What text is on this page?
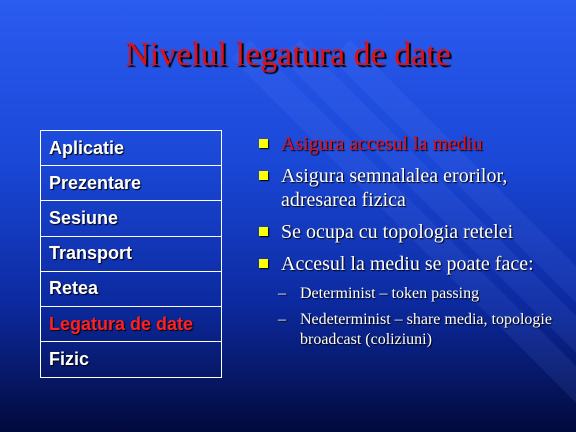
Nivelul legatura de date
Aplicatie
Prezentare
Sesiune
Transport
Retea
Legatura de date
Fizic
Asigura accesul la mediu
Asigura semnalalea erorilor, adresarea fizica
Se ocupa cu topologia retelei
Accesul la mediu se poate face:
– Determinist – token passing
– Nedeterminist – share media, topologie broadcast (coliziuni)
